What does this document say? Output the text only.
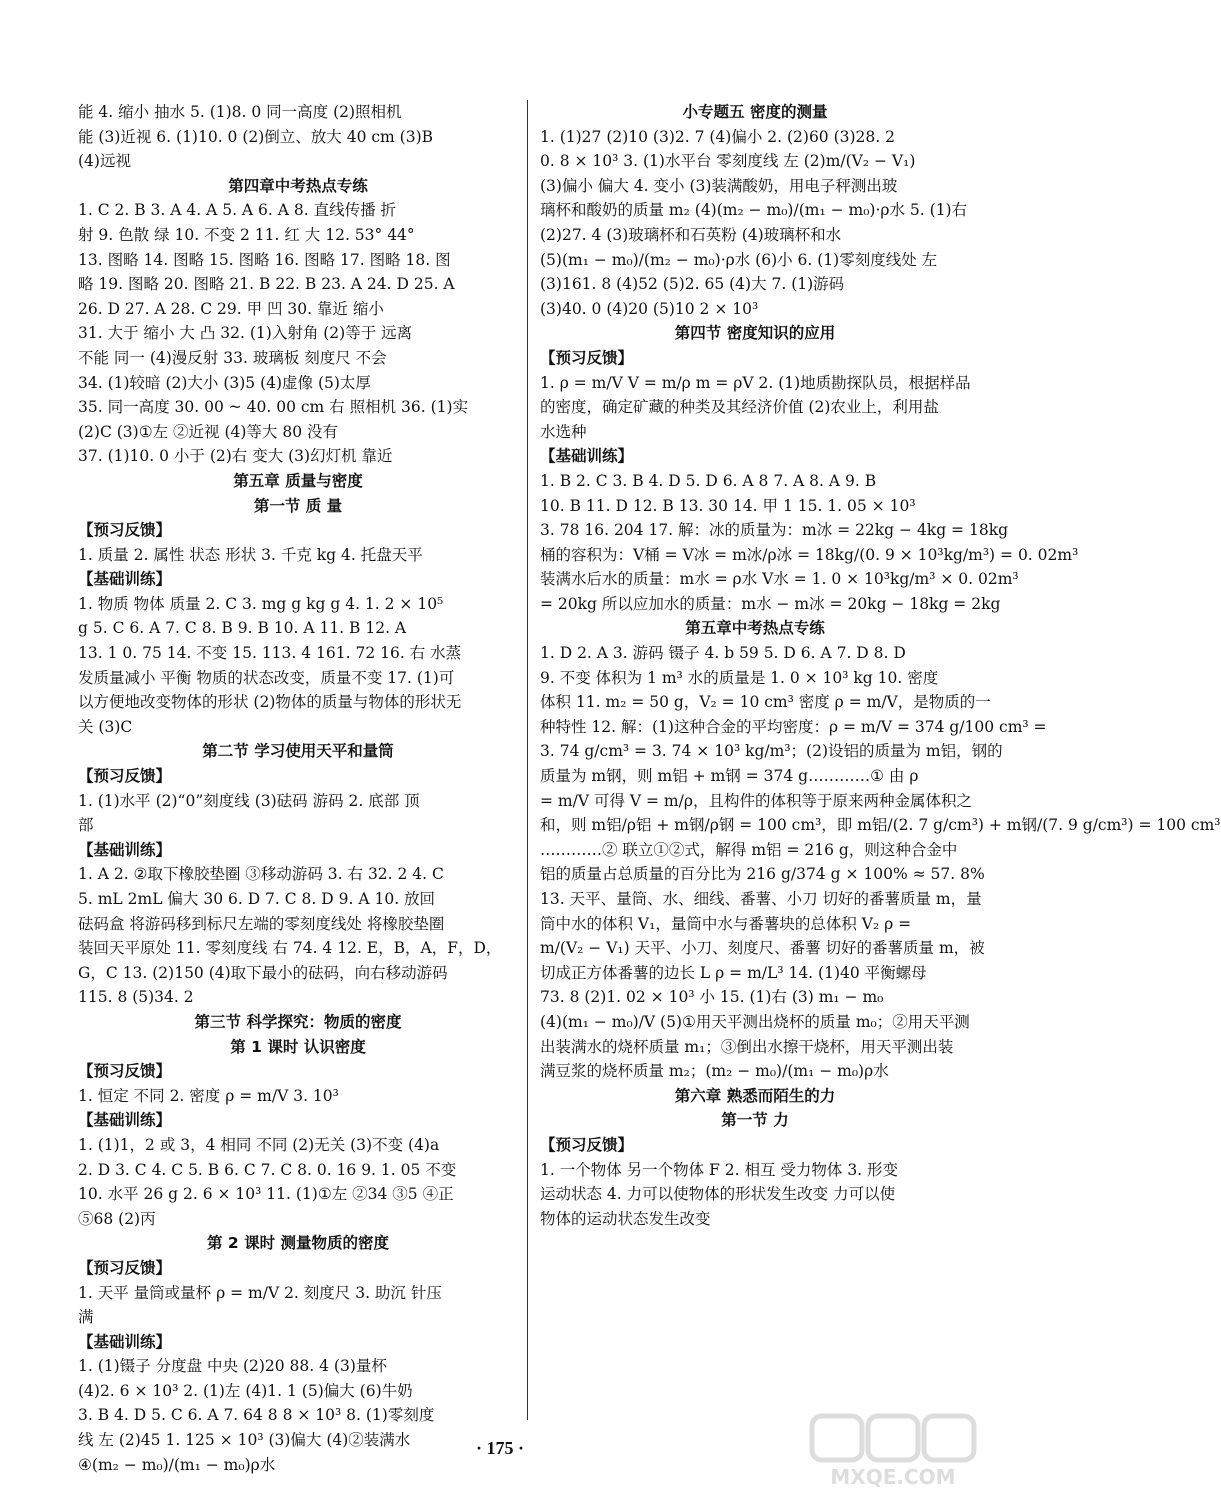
能 4. 缩小 抽水 5. (1)8. 0 同一高度 (2)照相机
能 (3)近视 6. (1)10. 0 (2)倒立、放大 40 cm (3)B
(4)远视
第四章中考热点专练
1. C 2. B 3. A 4. A 5. A 6. A 8. 直线传播 折
射 9. 色散 绿 10. 不变 2 11. 红 大 12. 53° 44°
13. 图略 14. 图略 15. 图略 16. 图略 17. 图略 18. 图
略 19. 图略 20. 图略 21. B 22. B 23. A 24. D 25. A
26. D 27. A 28. C 29. 甲 凹 30. 靠近 缩小
31. 大于 缩小 大 凸 32. (1)入射角 (2)等于 远离
不能 同一 (4)漫反射 33. 玻璃板 刻度尺 不会
34. (1)较暗 (2)大小 (3)5 (4)虚像 (5)太厚
35. 同一高度 30. 00 ~ 40. 00 cm 右 照相机 36. (1)实
(2)C (3)①左 ②近视 (4)等大 80 没有
37. (1)10. 0 小于 (2)右 变大 (3)幻灯机 靠近
第五章 质量与密度
第一节 质 量
【预习反馈】
1. 质量 2. 属性 状态 形状 3. 千克 kg 4. 托盘天平
【基础训练】
1. 物质 物体 质量 2. C 3. mg g kg g 4. 1. 2 × 10⁵
g 5. C 6. A 7. C 8. B 9. B 10. A 11. B 12. A
13. 1 0. 75 14. 不变 15. 113. 4 161. 72 16. 右 水蒸
发质量减小 平衡 物质的状态改变，质量不变 17. (1)可
以方便地改变物体的形状 (2)物体的质量与物体的形状无
关 (3)C
第二节 学习使用天平和量筒
【预习反馈】
1. (1)水平 (2)“0”刻度线 (3)砝码 游码 2. 底部 顶
部
【基础训练】
1. A 2. ②取下橡胶垫圈 ③移动游码 3. 右 32. 2 4. C
5. mL 2mL 偏大 30 6. D 7. C 8. D 9. A 10. 放回
砝码盒 将游码移到标尺左端的零刻度线处 将橡胶垫圈
装回天平原处 11. 零刻度线 右 74. 4 12. E，B，A，F，D，
G，C 13. (2)150 (4)取下最小的砝码，向右移动游码
115. 8 (5)34. 2
第三节 科学探究：物质的密度
第 1 课时 认识密度
【预习反馈】
1. 恒定 不同 2. 密度 ρ = m/V 3. 10³
【基础训练】
1. (1)1，2 或 3，4 相同 不同 (2)无关 (3)不变 (4)a
2. D 3. C 4. C 5. B 6. C 7. C 8. 0. 16 9. 1. 05 不变
10. 水平 26 g 2. 6 × 10³ 11. (1)①左 ②34 ③5 ④正
⑤68 (2)丙
第 2 课时 测量物质的密度
【预习反馈】
1. 天平 量筒或量杯 ρ = m/V 2. 刻度尺 3. 助沉 针压
满
【基础训练】
1. (1)镊子 分度盘 中央 (2)20 88. 4 (3)量杯
(4)2. 6 × 10³ 2. (1)左 (4)1. 1 (5)偏大 (6)牛奶
3. B 4. D 5. C 6. A 7. 64 8 8 × 10³ 8. (1)零刻度
线 左 (2)45 1. 125 × 10³ (3)偏大 (4)②装满水
④(m₂ − m₀)/(m₁ − m₀)ρ水
小专题五 密度的测量
1. (1)27 (2)10 (3)2. 7 (4)偏小 2. (2)60 (3)28. 2
0. 8 × 10³ 3. (1)水平台 零刻度线 左 (2)m/(V₂ − V₁)
(3)偏小 偏大 4. 变小 (3)装满酸奶，用电子秤测出玻
璃杯和酸奶的质量 m₂ (4)(m₂ − m₀)/(m₁ − m₀)·ρ水 5. (1)右
(2)27. 4 (3)玻璃杯和石英粉 (4)玻璃杯和水
(5)(m₁ − m₀)/(m₂ − m₀)·ρ水 (6)小 6. (1)零刻度线处 左
(3)161. 8 (4)52 (5)2. 65 (4)大 7. (1)游码
(3)40. 0 (4)20 (5)10 2 × 10³
第四节 密度知识的应用
【预习反馈】
1. ρ = m/V V = m/ρ m = ρV 2. (1)地质勘探队员，根据样品
的密度，确定矿藏的种类及其经济价值 (2)农业上，利用盐
水选种
【基础训练】
1. B 2. C 3. B 4. D 5. D 6. A 8 7. A 8. A 9. B
10. B 11. D 12. B 13. 30 14. 甲 1 15. 1. 05 × 10³
3. 78 16. 204 17. 解：冰的质量为：m冰 = 22kg − 4kg = 18kg
桶的容积为：V桶 = V冰 = m冰/ρ冰 = 18kg/(0. 9 × 10³kg/m³) = 0. 02m³
装满水后水的质量：m水 = ρ水 V水 = 1. 0 × 10³kg/m³ × 0. 02m³
= 20kg 所以应加水的质量：m水 − m冰 = 20kg − 18kg = 2kg
第五章中考热点专练
1. D 2. A 3. 游码 镊子 4. b 59 5. D 6. A 7. D 8. D
9. 不变 体积为 1 m³ 水的质量是 1. 0 × 10³ kg 10. 密度
体积 11. m₂ = 50 g，V₂ = 10 cm³ 密度 ρ = m/V，是物质的一
种特性 12. 解：(1)这种合金的平均密度：ρ = m/V = 374 g/100 cm³ =
3. 74 g/cm³ = 3. 74 × 10³ kg/m³；(2)设铝的质量为 m铝，钢的
质量为 m钢，则 m铝 + m钢 = 374 g…………① 由 ρ
= m/V 可得 V = m/ρ，且构件的体积等于原来两种金属体积之
和，则 m铝/ρ铝 + m钢/ρ钢 = 100 cm³，即 m铝/(2. 7 g/cm³) + m钢/(7. 9 g/cm³) = 100 cm³
…………② 联立①②式，解得 m铝 = 216 g，则这种合金中
铝的质量占总质量的百分比为 216 g/374 g × 100% ≈ 57. 8%
13. 天平、量筒、水、细线、番薯、小刀 切好的番薯质量 m，量
筒中水的体积 V₁，量筒中水与番薯块的总体积 V₂ ρ =
m/(V₂ − V₁) 天平、小刀、刻度尺、番薯 切好的番薯质量 m，被
切成正方体番薯的边长 L ρ = m/L³ 14. (1)40 平衡螺母
73. 8 (2)1. 02 × 10³ 小 15. (1)右 (3) m₁ − m₀
(4)(m₁ − m₀)/V (5)①用天平测出烧杯的质量 m₀；②用天平测
出装满水的烧杯质量 m₁；③倒出水擦干烧杯，用天平测出装
满豆浆的烧杯质量 m₂；(m₂ − m₀)/(m₁ − m₀)ρ水
第六章 熟悉而陌生的力
第一节 力
【预习反馈】
1. 一个物体 另一个物体 F 2. 相互 受力物体 3. 形变
运动状态 4. 力可以使物体的形状发生改变 力可以使
物体的运动状态发生改变
· 175 ·
MXQE.COM
